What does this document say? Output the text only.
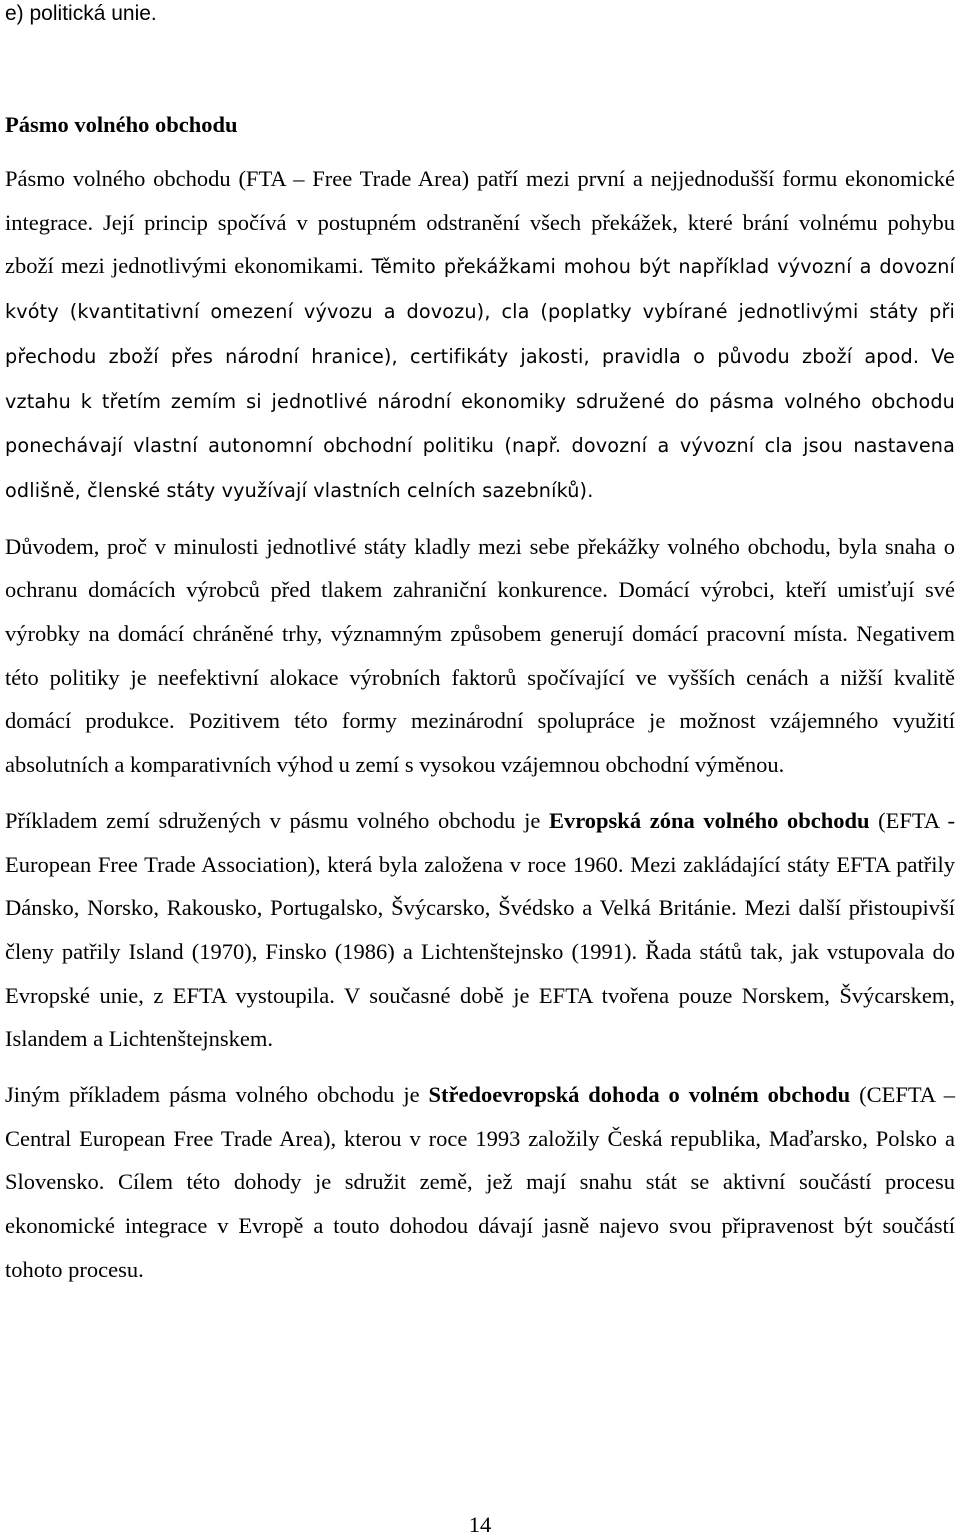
e) politická unie.
Pásmo volného obchodu

Pásmo volného obchodu (FTA – Free Trade Area) patří mezi první a nejjednodušší formu ekonomické integrace. Její princip spočívá v postupném odstranění všech překážek, které brání volnému pohybu zboží mezi jednotlivými ekonomikami. Těmito překážkami mohou být například vývozní a dovozní kvóty (kvantitativní omezení vývozu a dovozu), cla (poplatky vybírané jednotlivými státy při přechodu zboží přes národní hranice), certifikáty jakosti, pravidla o původu zboží apod. Ve vztahu k třetím zemím si jednotlivé národní ekonomiky sdružené do pásma volného obchodu ponechávají vlastní autonomní obchodní politiku (např. dovozní a vývozní cla jsou nastavena odlišně, členské státy využívají vlastních celních sazebníků).

Důvodem, proč v minulosti jednotlivé státy kladly mezi sebe překážky volného obchodu, byla snaha o ochranu domácích výrobců před tlakem zahraniční konkurence. Domácí výrobci, kteří umisťují své výrobky na domácí chráněné trhy, významným způsobem generují domácí pracovní místa. Negativem této politiky je neefektivní alokace výrobních faktorů spočívající ve vyšších cenách a nižší kvalitě domácí produkce. Pozitivem této formy mezinárodní spolupráce je možnost vzájemného využití absolutních a komparativních výhod u zemí s vysokou vzájemnou obchodní výměnou.

Příkladem zemí sdružených v pásmu volného obchodu je Evropská zóna volného obchodu (EFTA - European Free Trade Association), která byla založena v roce 1960. Mezi zakládající státy EFTA patřily Dánsko, Norsko, Rakousko, Portugalsko, Švýcarsko, Švédsko a Velká Británie. Mezi další přistoupivší členy patřily Island (1970), Finsko (1986) a Lichtenštejnsko (1991). Řada států tak, jak vstupovala do Evropské unie, z EFTA vystoupila. V současné době je EFTA tvořena pouze Norskem, Švýcarskem, Islandem a Lichtenštejnskem.

Jiným příkladem pásma volného obchodu je Středoevropská dohoda o volném obchodu (CEFTA – Central European Free Trade Area), kterou v roce 1993 založily Česká republika, Maďarsko, Polsko a Slovensko. Cílem této dohody je sdružit země, jež mají snahu stát se aktivní součástí procesu ekonomické integrace v Evropě a touto dohodou dávají jasně najevo svou připravenost být součástí tohoto procesu.

14
